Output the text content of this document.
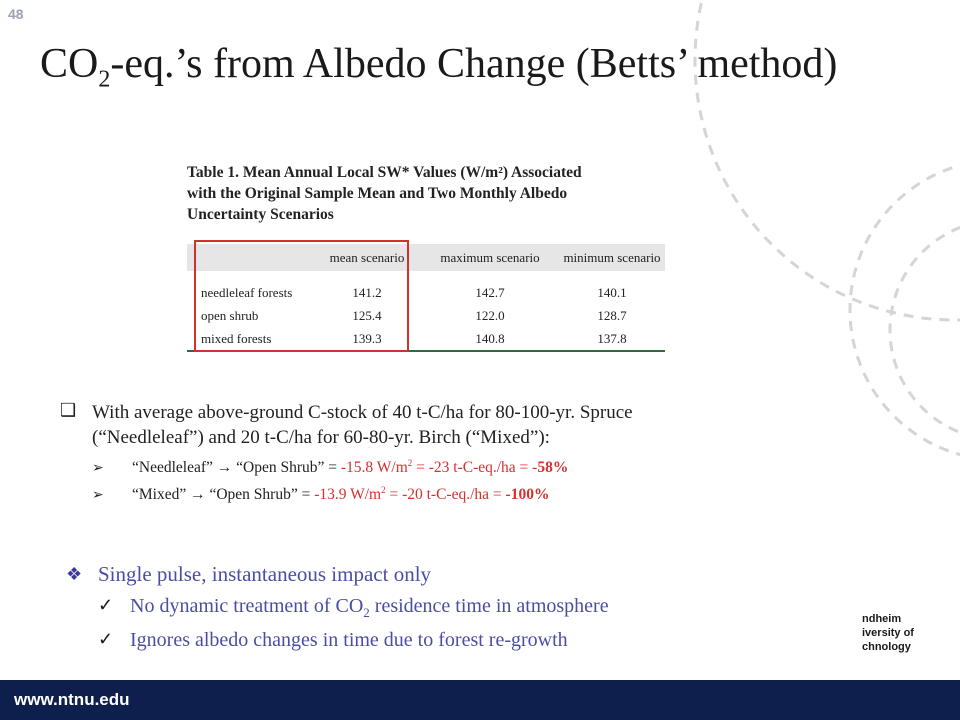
48
$CO_2-eq.’s$ from Albedo Change (Betts’ method)
Table 1. Mean Annual Local SW* Values (W/m²) Associated
with the Original Sample Mean and Two Monthly Albedo
Uncertainty Scenarios
	mean scenario	maximum scenario	minimum scenario

needleleaf forests	141.2	142.7	140.1
open shrub	125.4	122.0	128.7
mixed forests	139.3	140.8	137.8
❑ With average above-ground C-stock of 40 t-C/ha for 80-100-yr. Spruce
(“Needleleaf”) and 20 t-C/ha for 60-80-yr. Birch (“Mixed”):
➢	“Needleleaf” → “Open Shrub” = -15.8 $W/m^2 = -23$ t-C-eq./ha = -58%
➢	“Mixed” → “Open Shrub” = -13.9 $W/m^2 = -20$ t-C-eq./ha = -100%
❖ Single pulse, instantaneous impact only
✓ No dynamic treatment of $CO_2$ residence time in atmosphere
✓ Ignores albedo changes in time due to forest re-growth
ndheim
iversity of
chnology
www.ntnu.edu
